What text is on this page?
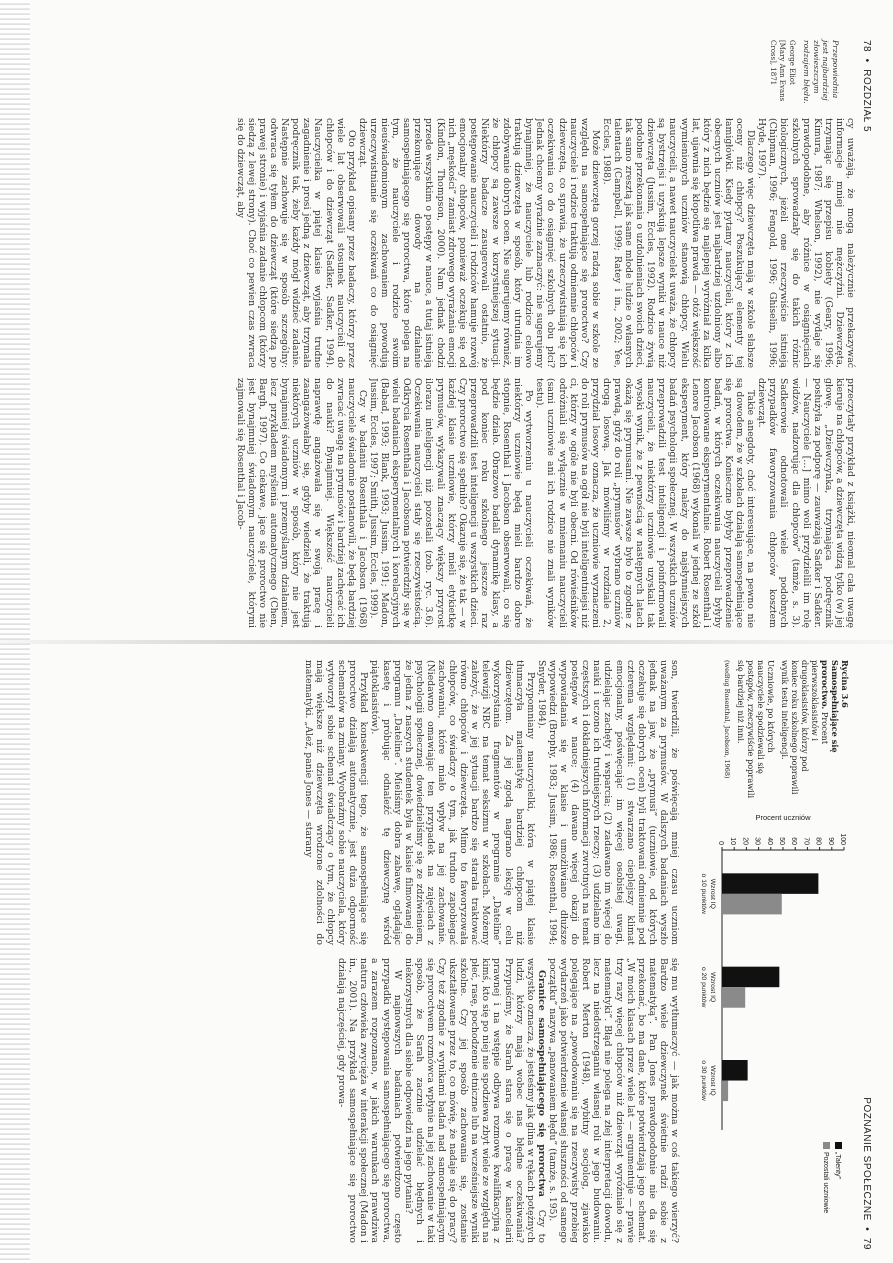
78  •  ROZDZIAŁ 5
Przepowiednia jest najbardziej złowieszczym rodzajem błędu.
George Eliot [Mary Ann Evans Cross], 1871

cy uważają, że mogą należycznie przekazywać informacje mniej nie mężczyźni. Dziewczęta, trzymając się przepisu kobiety (Geary, 1996; Kimura, 1987; Whelson, 1992), nie wydaje się prawdopodobne, aby różnice w osiągnięciach szkolnych sprowadzały się do takich różnic biologicznych, jeżeli one rzeczywiście istnieją (Chipman, 1996; Fengold, 1996; Ghiselin, 1996; Hyde, 1997).

Dlaczego więc dziewczęta mają w szkole słabsze oceny niż chłopcy? Poszukujący elementy tej łamigłówki. Kiedy pytamy nauczycieli, który z ich obecnych uczniów jest najbardziej uzdolniony albo który z nich będzie się najlepiej wyróżniał za kilka lat, ujawnia się kłopotliwa prawda — otóż większość wymienionych uczniów stanowią chłopcy. Wielu nauczycieli, a nawet nauczycielek uważa, że chłopcy są bystrzejsi i uzyskują lepsze wyniki w nauce niż dziewczęta (Jussim, Eccles, 1992). Rodzice żywią podobne przekonania o uzdolnieniach swoich dzieci, tak samo zresztą jak same młode ludzie o własnych talentach (Campbell, 1999; Ratey i in., 2002; Yee, Eccles, 1988).

Może dziewczęta gorzej radzą sobie w szkole ze względu na samospełniające się proroctwo? Czy nauczyciele i rodzice traktują odmiennie chłopców i dziewczęta, co sprawia, że urzeczywistniają się ich oczekiwania co do osiągnięć szkolnych obu płci? Jednak chcemy wyraźnie zaznaczyć: nie sugerujemy bynajmniej, że nauczyciele lub rodzice celowo traktują dziewczęta w sposób, który utrudnia im zdobywanie dobrych ocen. Nie sugerujemy również, że chłopcy są zawsze w korzystniejszej sytuacji. Niektórzy badacze zasugerowali ostatnio, że postępowanie nauczycieli i rodziców hamuje rozwój emocjonalny chłopców, ponieważ oczekuje się od nich „męskości” zamiast zdrowego wyrażania emocji (Kindlon, Thompson, 2000). Nam jednak chodzi przede wszystkim o postępy w nauce, a tutaj istnieją przekonujące dowody na działanie samospełniającego się proroctwa, które polega na tym, że nauczyciele i rodzice swoim nieuświadomionym zachowaniem powodują urzeczywistnianie się oczekiwań co do osiągnięć dziewcząt.

Oto przykład opisany przez badaczy, którzy przez wiele lat obserwowali stosunek nauczycieli do chłopców i do dziewcząt (Sadker, Sadker, 1994). Nauczycielka w piątej klasie wyjaśnia trudne zagadnienie i prosi jedną z dziewcząt, aby trzymała podręcznik tak, żeby każdy mógł widzieć zadanie. Następnie zachowuje się w sposób szczególny: odwraca się tyłem do dziewcząt (które siedzą po prawej stronie) i wyjaśnia zadanie chłopcom (którzy siedzą z lewej strony). Choć co pewien czas zwraca się do dziewcząt, aby

przeczytały przykład z książki, nieomal cała uwagę kieruje na chłopców, a dziewczęta widzą tylko (w) jej głowę. „Dziewczynka, trzymająca podręcznik posłużyła za podporę — zauważają Sadker i Sadker. — Nauczyciele [...] mimo woli przydzielili im rolę widzów, nadzorując dla chłopców” (tamże, s. 3). Sadkerowie odnotowali wiele podobnych przypadków faworyzowania chłopców kosztem dziewcząt.

Takie anegdoty, choć interesujące, na pewno nie są dowodem, że w szkołach działają samospełniające się proroctwa. Konieczne byłyby przeprowadzenie badań, w których oczekiwania nauczycieli byłyby kontrolowane eksperymentalnie. Robert Rosenthal i Lenore Jacobson (1968) wykonali w jednej ze szkół eksperyment, który należy do najsłynniejszych badań psychologii społecznej. W wszystkich uczniów przeprowadzili test inteligencji i poinformowali nauczycieli, że niektórzy uczniowie uzyskali tak wysoki wynik, że z pewnością w następnych latach okażą się prymusami. Nie zawsze było to zgodne z prawdą, gdyż do roli „prymusów” wybrano uczniów drogą losową. Jak mówiliśmy w rozdziale 2, przydział losowy oznacza, że uczniowie wyznaczeni do roli prymusów na ogół nie byli inteligentniejsi niż ci, którzy w ogóle nie byli obecni. Od rówieśników odróżniali się wyłącznie w mniemaniu nauczycieli (sami uczniowie ani ich rodzice nie znali wyników testu).

Po wytworzeniu u nauczycieli oczekiwań, że niektórzy uczniowie będą mieli bardzo dobre stopnie, Rosenthal i Jacobson obserwowali, co się będzie działo. Obrazowo badali dynamikę klasy, a pod koniec roku szkolnego jeszcze raz przeprowadzili test inteligencji u wszystkich dzieci. Czy proroctwo się spełniło? Okazuje się, że tak — w każdej klasie uczniowie, którzy mieli etykietkę prymusów, wykazywali znaczący większy przyrost ilorazu inteligencji niż pozostali (zob. ryc. 3.6). Oczekiwania nauczycieli stały się rzeczywistością. Odkrycia Rosenthala i Jacobsona potwierdziły się w wielu badaniach eksperymentalnych i korelacyjnych (Babad, 1993; Blank, 1993; Jussim, 1991; Madon, Jussim, Eccles, 1997; Smith, Jussim, Eccles, 1999).

Czy w badaniu Rosenthala i Jacobson (1968) nauczyciele świadomie postanowili, że będą bardziej zwracać uwagę na prymusów i bardziej zachęcać ich do nauki? Bynajmniej. Większość nauczycieli naprawdę angażowała się w swoją pracę i zaangażowałaby się, gdyby wiedzieli, że traktują niektórych uczniów w sposób, który nie jest bynajmniej świadomym i przemyślanym działaniem, lecz przykładem myślenia automatycznego (Chen, Bargh, 1997). Co ciekawe, jące się proroctwo nie jest bynajmniej świadomym nauczyciele, którymi zajmowali się Rosenthal i Jacob-

POZNANIE SPOŁECZNE  •  79
Rycina 3.6
Samospełniające się proroctwo. Procent pierwszoklasistów i drugoklasistów, którzy pod koniec roku szkolnego poprawili wynik testu inteligencji.
Uczniowie, po których nauczyciele spodziewali się postępów, rzeczywiście poprawili się bardziej niż inni.
(według Rosenthal, Jacobson, 1968)
0 10 20 30 40 50 60 70 80 90 100
Procent uczniów
Wzrost IQ
o 10 punktów
Wzrost IQ
o 20 punktów
Wzrost IQ
o 30 punktów
„Talenty”
Pozostali uczniowie

son, twierdzili, że poświęcają mniej czasu uczniom uważanym za prymusów. W dalszych badaniach wyszło jednak na jaw, że „prymusi” (uczniowie, od których oczekuje się dobrych ocen) byli traktowani odmiennie pod czterema względami: (1) stwarzano cieplejszy klimat emocjonalny, poświęcając im więcej osobistej uwagi, udzielając zachęty i wsparcia; (2) zadawano im więcej do nauki i uczono ich trudniejszych rzeczy; (3) udzielano im częstszych i dokładniejszych informacji zwrotnych na temat postępów w nauce; (4) dawano więcej okazji do wypowiadania się w klasie i umożliwiano dłuższe wypowiedzi (Brophy, 1983; Jussim, 1986; Rosenthal, 1994; Snyder, 1984).

Przypomniany nauczycielki, która w piątej klasie tłumaczyła matematykę bardziej chłopcom niż dziewczętom. Za jej zgodą nagrano lekcję w celu wykorzystania fragmentów w programie „Dateline” telewizji NBC na temat seksizmu w szkołach. Możemy założyć, że w jej sytuacji bardzo się starała traktować równo chłopców i dziewczęta. Mimo to faworyzowała chłopców, co świadczy o tym, jak trudno zapobiegać zachowaniu, które miało wpływ na jej zachowanie. (Niedawno omawiając ten przypadek na zajęciach z psychologii społecznej, dowiedzieliśmy się ze zdziwieniem, że jedna z naszych studentek była w klasie filmowanej do programu „Dateline”. Mieliśmy dobra zabawę, oglądając kasetę i próbując odnaleźć tę dziewczynę wśród piątoklasistów).

Przykład konsekwencji tego, że samospełniające się proroctwo działają automatycznie, jest duża odporność schematów na zmiany. Wyobraźmy sobie nauczyciela, który wytworzył sobie schemat świadczący o tym, że chłopcy mają większe niż dziewczęta wrodzone zdolności do matematyki. „Ależ, panie Jones — starany

się mu wytłumaczyć — jak można w coś takiego wierzyć? Bardzo wiele dziewczynek świetnie radzi sobie z matematyką”. Pan Jones prawdopodobnie nie da się przekonać, bo ma dane, które potwierdzają jego schemat. „W moich klasach przez wiele lat — argumentuje — prawie trzy razy więcej chłopców niż dziewcząt wyróżniało się z matematyki”. Błąd nie polega na złej interpretacji dowodu, lecz na niedostrzeganiu własnej roli w jego budowaniu. Robert Merton (1948), wybitny socjolog, zjawisko polegające na „powodowaniu się na rzeczywisty przebieg wydarzeń jako potwierdzenie własnej słuszności od samego początku” nazywa „panowaniem błędu” (tamże, s. 195).

Granice samospełniającego się proroctwa  Czy to wszystko oznacza, że jesteśmy jak glina w rękach potężnych ludzi, którzy mają wobec nas błędne oczekiwania? Przypuśćmy, że Sarah stara się o pracę w kancelarii prawnej i na wstępie odbywa rozmowę kwalifikacyjną z kimś, kto się po niej nie spodziewa zbyt wiele ze względu na płeć, rasę, pochodzenie etniczne lub na wcześniejsze wyniki szkolne. Czy jej sposób zachowania się, zostanie ukształtowane przez to, co mówię, że nadaje się do pracy? Czy też zgodnie z wynikami badań nad samospełniającym się proroctwem rozmówca wpłynie na jej zachowanie w taki sposób, że Sarah zacznie udzielać błędnych i niekorzystnych dla siebie odpowiedzi na jego pytania?

W najnowszych badaniach potwierdzono często przypadki występowania samospełniającego się proroctwa, a zarazem rozpoznano, w jakich warunkach prawdziwa natura człowieka zwycięża w interakcji społecznej (Madon i in., 2001). Na przykład samospełniające się proroctwo działają najczęściej, gdy prowa-
